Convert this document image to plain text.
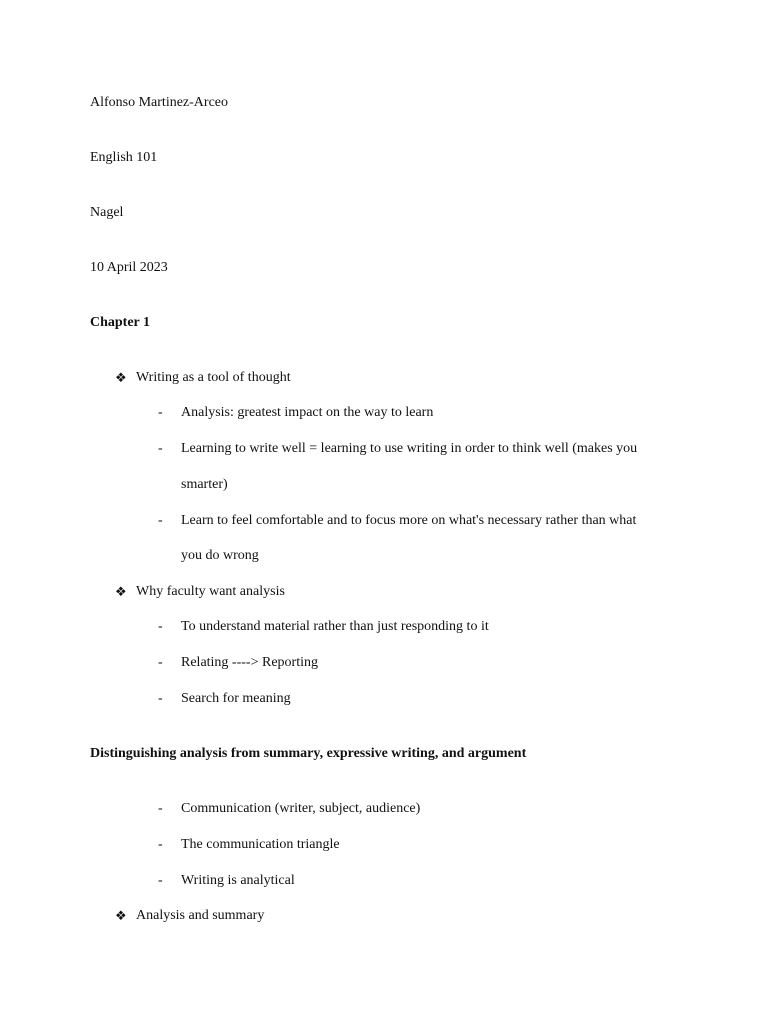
Alfonso Martinez-Arceo
English 101
Nagel
10 April 2023
Chapter 1
❖ Writing as a tool of thought
- Analysis: greatest impact on the way to learn
- Learning to write well = learning to use writing in order to think well (makes you
smarter)
- Learn to feel comfortable and to focus more on what's necessary rather than what
you do wrong
❖ Why faculty want analysis
- To understand material rather than just responding to it
- Relating ----> Reporting
- Search for meaning
Distinguishing analysis from summary, expressive writing, and argument
- Communication (writer, subject, audience)
- The communication triangle
- Writing is analytical
❖ Analysis and summary
